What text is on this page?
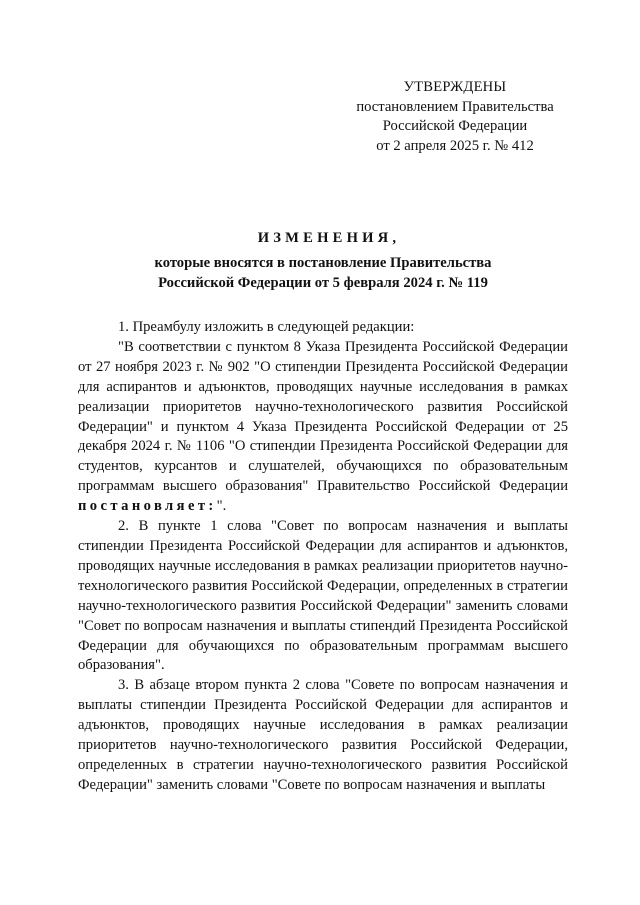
УТВЕРЖДЕНЫ
постановлением Правительства
Российской Федерации
от 2 апреля 2025 г. № 412
ИЗМЕНЕНИЯ,
которые вносятся в постановление Правительства
Российской Федерации от 5 февраля 2024 г. № 119

1. Преамбулу изложить в следующей редакции:

"В соответствии с пунктом 8 Указа Президента Российской Федерации от 27 ноября 2023 г. № 902 "О стипендии Президента Российской Федерации для аспирантов и адъюнктов, проводящих научные исследования в рамках реализации приоритетов научно-технологического развития Российской Федерации" и пунктом 4 Указа Президента Российской Федерации от 25 декабря 2024 г. № 1106 "О стипендии Президента Российской Федерации для студентов, курсантов и слушателей, обучающихся по образовательным программам высшего образования" Правительство Российской Федерации постановляет:".

2. В пункте 1 слова "Совет по вопросам назначения и выплаты стипендии Президента Российской Федерации для аспирантов и адъюнктов, проводящих научные исследования в рамках реализации приоритетов научно-технологического развития Российской Федерации, определенных в стратегии научно-технологического развития Российской Федерации" заменить словами "Совет по вопросам назначения и выплаты стипендий Президента Российской Федерации для обучающихся по образовательным программам высшего образования".

3. В абзаце втором пункта 2 слова "Совете по вопросам назначения и выплаты стипендии Президента Российской Федерации для аспирантов и адъюнктов, проводящих научные исследования в рамках реализации приоритетов научно-технологического развития Российской Федерации, определенных в стратегии научно-технологического развития Российской Федерации" заменить словами "Совете по вопросам назначения и выплаты
